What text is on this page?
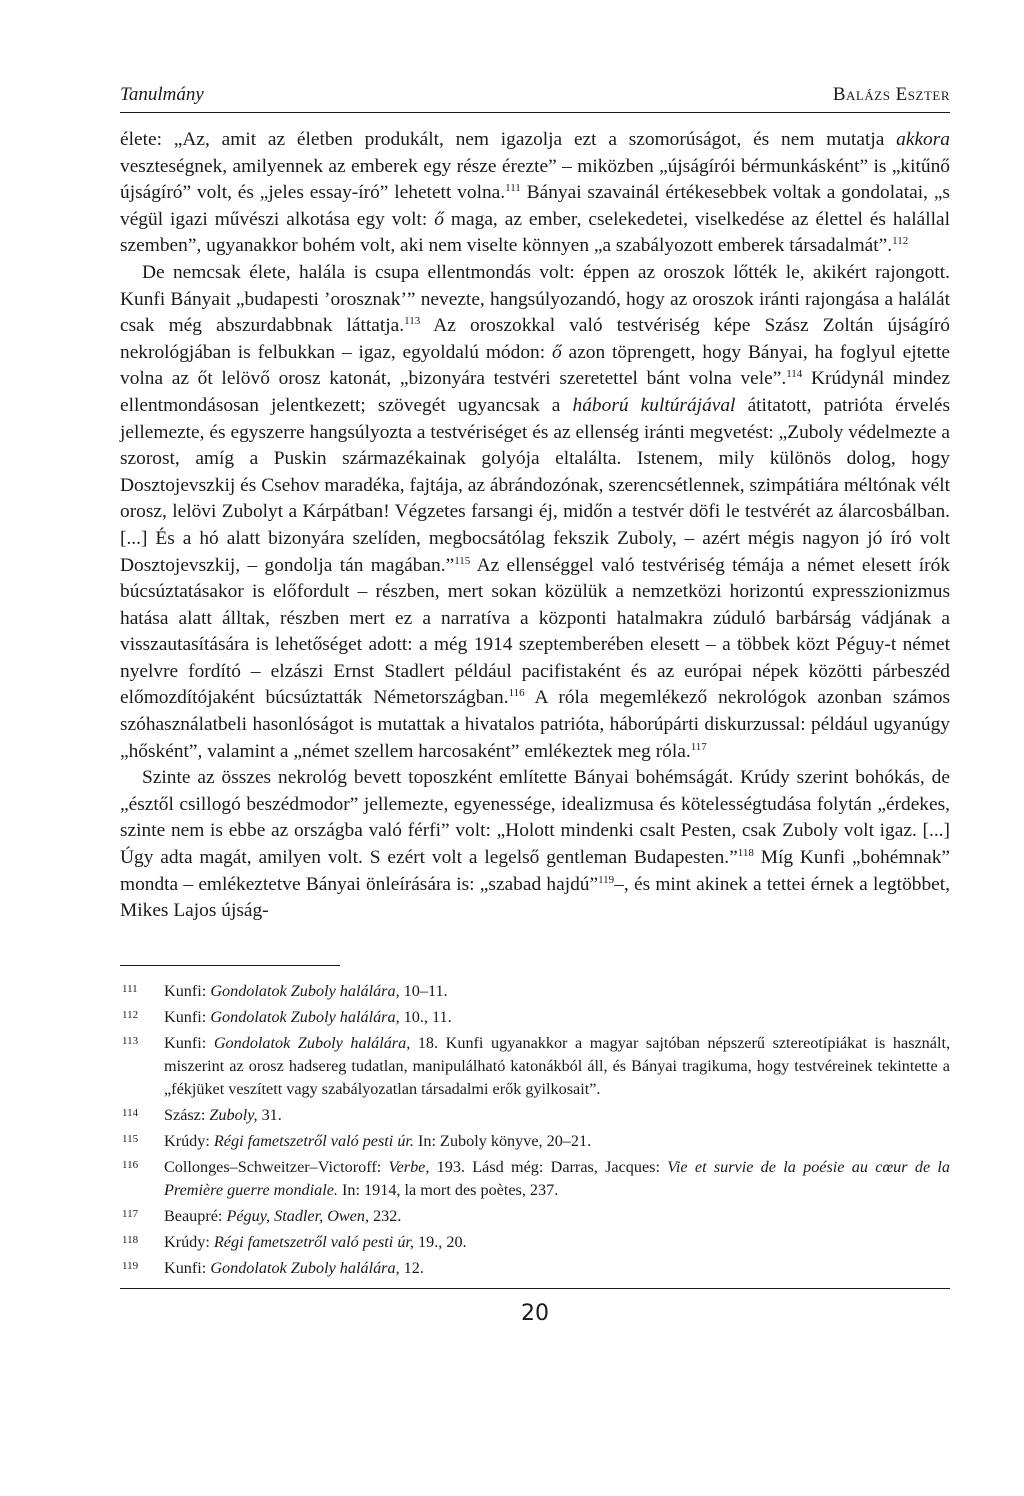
Tanulmány	Balázs Eszter

élete: „Az, amit az életben produkált, nem igazolja ezt a szomorúságot, és nem mutatja akkora veszteségnek, amilyennek az emberek egy része érezte” – miközben „újságírói bérmunkásként” is „kitűnő újságíró” volt, és „jeles essay-író” lehetett volna.$^{111}$ Bányai szavainál értékesebbek voltak a gondolatai, „s végül igazi művészi alkotása egy volt: ő maga, az ember, cselekedetei, viselkedése az élettel és halállal szemben”, ugyanakkor bohém volt, aki nem viselte könnyen „a szabályozott emberek társadalmát”.$^{112}$

De nemcsak élete, halála is csupa ellentmondás volt: éppen az oroszok lőtték le, akikért rajongott. Kunfi Bányait „budapesti ’orosznak’” nevezte, hangsúlyozandó, hogy az oroszok iránti rajongása a halálát csak még abszurdabbnak láttatja.$^{113}$ Az oroszokkal való testvériség képe Szász Zoltán újságíró nekrológjában is felbukkan – igaz, egyoldalú módon: ő azon töprengett, hogy Bányai, ha foglyul ejtette volna az őt lelövő orosz katonát, „bizonyára testvéri szeretettel bánt volna vele”.$^{114}$ Krúdynál mindez ellentmondásosan jelentkezett; szövegét ugyancsak a háború kultúrájával átitatott, patrióta érvelés jellemezte, és egyszerre hangsúlyozta a testvériséget és az ellenség iránti megvetést: „Zuboly védelmezte a szorost, amíg a Puskin származékainak golyója eltalálta. Istenem, mily különös dolog, hogy Dosztojevszkij és Csehov maradéka, fajtája, az ábrándozónak, szerencsétlennek, szimpátiára méltónak vélt orosz, lelövi Zubolyt a Kárpátban! Végzetes farsangi éj, midőn a testvér döfi le testvérét az álarcosbálban. [...] És a hó alatt bizonyára szelíden, megbocsátólag fekszik Zuboly, – azért mégis nagyon jó író volt Dosztojevszkij, – gondolja tán magában.”$^{115}$ Az ellenséggel való testvériség témája a német elesett írók búcsúztatásakor is előfordult – részben, mert sokan közülük a nemzetközi horizontú expresszionizmus hatása alatt álltak, részben mert ez a narratíva a központi hatalmakra zúduló barbárság vádjának a visszautasítására is lehetőséget adott: a még 1914 szeptemberében elesett – a többek közt Péguy-t német nyelvre fordító – elzászi Ernst Stadlert például pacifistaként és az európai népek közötti párbeszéd előmozdítójaként búcsúztatták Németországban.$^{116}$ A róla megemlékező nekrológok azonban számos szóhasználatbeli hasonlóságot is mutattak a hivatalos patrióta, háborúpárti diskurzussal: például ugyanúgy „hősként”, valamint a „német szellem harcosaként” emlékeztek meg róla.$^{117}$

Szinte az összes nekrológ bevett toposzként említette Bányai bohémságát. Krúdy szerint bohókás, de „észtől csillogó beszédmodor” jellemezte, egyenessége, idealizmusa és kötelességtudása folytán „érdekes, szinte nem is ebbe az országba való férfi” volt: „Holott mindenki csalt Pesten, csak Zuboly volt igaz. [...] Úgy adta magát, amilyen volt. S ezért volt a legelső gentleman Budapesten.”$^{118}$ Míg Kunfi „bohémnak” mondta – emlékeztetve Bányai önleírására is: „szabad hajdú”$^{119}$–, és mint akinek a tettei érnek a legtöbbet, Mikes Lajos újság-

111 Kunfi: Gondolatok Zuboly halálára, 10–11.
112 Kunfi: Gondolatok Zuboly halálára, 10., 11.
113 Kunfi: Gondolatok Zuboly halálára, 18. Kunfi ugyanakkor a magyar sajtóban népszerű sztereotípiákat is használt, miszerint az orosz hadsereg tudatlan, manipulálható katonákból áll, és Bányai tragikuma, hogy testvéreinek tekintette a „fékjüket veszített vagy szabályozatlan társadalmi erők gyilkosait”.
114 Szász: Zuboly, 31.
115 Krúdy: Régi fametszetről való pesti úr. In: Zuboly könyve, 20–21.
116 Collonges–Schweitzer–Victoroff: Verbe, 193. Lásd még: Darras, Jacques: Vie et survie de la poésie au cœur de la Première guerre mondiale. In: 1914, la mort des poètes, 237.
117 Beaupré: Péguy, Stadler, Owen, 232.
118 Krúdy: Régi fametszetről való pesti úr, 19., 20.
119 Kunfi: Gondolatok Zuboly halálára, 12.
20
